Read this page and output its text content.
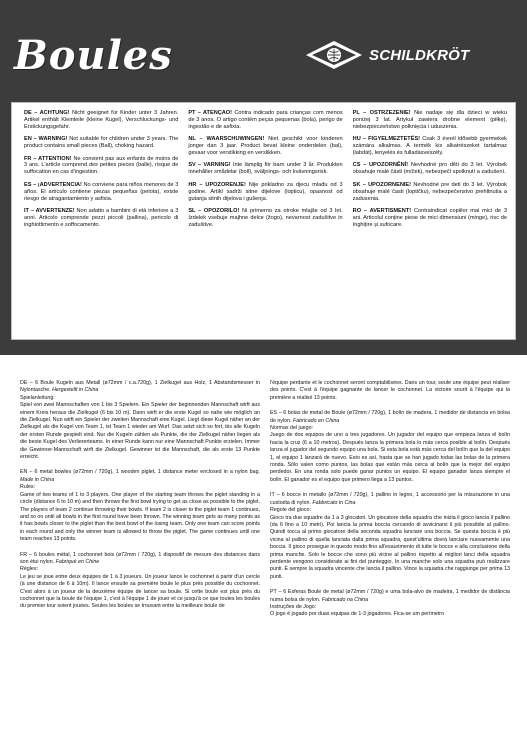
Boules	SCHILDKRÖT

DE – ACHTUNG! Nicht geeignet für Kinder unter 3 Jahren. Artikel enthält Kleinteile (kleine Kugel), Verschluckungs- und Erstickungsgefahr.

EN – WARNING! Not suitable for children under 3 years. The product contains small pieces (Ball), choking hazard.

FR – ATTENTION! Ne convient pas aux enfants de moins de 3 ans. L'article comprend des petites pieces (balle), risque de suffocation en cas d'ingestion.

ES – ¡ADVERTENCIA! No conviene para niños menores de 3 años. El artículo contiene piezas pequeñas (pelota), existe riesgo de atragantamiento y asfixia.

IT – AVVERTENZE! Non adatto a bambini di età inferiore a 3 anni. Articolo comprende pezzi piccoli (pallina), pericolo di inghiottimento e soffocamento.

PT – ATENÇÃO! Contra indicado para crianças com menos de 3 anos. O artigo contém peças pequenas (bola), perigo de ingestão e de asfixia.

NL – WAARSCHUWINGEN! Niet geschikt voor kinderen jonger dan 3 jaar. Product bevat kleine onderdelen (bal), gevaar voor verstikking en verslikken.

SV – VARNING! Inte lämplig för barn under 3 år. Produkten innehåller smådelar (boll), sväljnings- och kvävningsrisk.

HR – UPOZORENJE! Nije prikladno za djecu mlađu od 3 godine. Artikl sadrži sitne dijelove (lopticu), opasnost od gutanja sitnih dijelova i gušenja.

SL – OPOZORILO! Ni primerno za otroke mlajše od 3 let. Izdelek vsebuje majhne delce (žogo), nevarnost zadušitve in zadušitve.

PL – OSTRZEŻENIE! Nie nadaje się dla dzieci w wieku poniżej 3 lat. Artykuł zawiera drobne element (piłkę), niebezpieczeństwo połknięcia i uduszenia.

HU – FIGYELMEZTETÉS! Csak 3 évnél idősebb gyermekek számára alkalmas. A termék kis alkatrészeket tartalmaz (labdát), lenyelés és fulladásveszély.

CS – UPOZORNĚNÍ! Nevhodné pro děti do 3 let. Výrobek obsahuje malé části (míček), nebezpečí spolknutí a zadušení.

SK – UPOZORNENIE! Nevhodné pre deti do 3 let. Výrobok obsahuje malé časti (loptičku), nebezpečenstvo prehltnutia a zadusenia.

RO – AVERTISMENT! Contraindicat copiilor mai mici de 3 ani. Articolul conține piese de mici dimensiuni (minge), risc de înghițire și sufocare.

DE – 6 Boule Kugeln aus Metall (ø72mm / c.a.720g), 1 Zielkugel aus Holz, 1 Abstandsmesser in Nylontasche. Hergestellt in China
Spielanleitung:
Spiel von zwei Mannschaften von 1 bis 3 Spielern. Ein Spieler der beginnenden Mannschaft wirft aus einem Kreis heraus die Zielkugel (6 bis 10 m). Dann wirft er die erste Kugel so nahe wie möglich an die Zielkugel. Nun wirft ein Spieler der zweiten Mannschaft eine Kugel. Liegt diese Kugel näher an der Zielkugel als die Kugel von Team 1, ist Team 1 wieder am Wurf. Das setzt sich so fort, bis alle Kugeln der ersten Runde gespielt sind. Nur die Kugeln zählen als Punkte, die der Zielkugel näher liegen als die beste Kugel des Verliererteams. In einer Runde kann nur eine Mannschaft Punkte erzielen. Immer die Gewinner-Mannschaft wirft die Zielkugel. Gewinner ist die Mannschaft, die als erste 13 Punkte erreicht.
EN – 6 metal bowles (ø72mm / 720g), 1 wooden piglet, 1 distance meter enclosed in a nylon bag. Made in China
Rules:
Game of two teams of 1 to 3 players. One player of the starting team throws the piglet standing in a circle (distance 6 to 10 m) and then throws the first bowl trying to get as close as possible to the piglet. The players of team 2 continue throwing their bowls. If team 2 is closer to the piglet team 1 continues, and so on until all bowls in the first round have been thrown. The winning team gets as many points as it has bowls closer to the piglet than the best bowl of the losing team. Only one team can score points in each round and only the winner team is allowed to throw the piglet. The game continues until one team reaches 13 points.
FR – 6 boules métal, 1 cochonnet bois (ø72mm / 720g), 1 dispositif de mesure des distances dans son étui nylon. Fabriqué en Chine
Règles:
Le jeu se joue entre deux équipes de 1 à 3 joueurs. Un joueur lance le cochonnet à partir d'un cercle (à une distance de 6 à 10m). Il lance ensuite sa première boule le plus près possible du cochonnet. C'est alors à un joueur de la deuxième équipe de lancer sa boule. Si cette boule est plus près du cochonnet que la boule de l'équipe 1, c'est à l'équipe 1 de jouer et ce jusqu'à ce que toutes les boules du premier tour soient jouées. Seules les boules se trouvant entre la meilleure boule de
l'équipe perdante et le cochonnet seront comptabilisées. Dans un tour, seule une équipe peut réaliser des points. C'est à l'équipe gagnante de lancer le cochonnet. La victoire sourit à l'équipe qui la première a réalisé 13 points.
ES – 6 bolas de metal de Boule (ø72mm / 720g), 1 bolín de madera, 1 medidor de distancia en bolsa de nylon. Fabricado en China
Normas del juego:
Juego de dos equipos de uno a tres jugadores. Un jugador del equipo que empieza lanza el bolín hacia la cruz (6 a 10 metros). Después lanza la primera bola lo más cerca posible al bolín. Después lanza el jugador del segundo equipo una bola. Si esta bola está más cerca del bolín que la del equipo 1, el equipo 1 lanzará de nuevo. Esto es así, hasta que se han jugado todas las bolas de la primera ronda. Sólo valen como puntos, las bolas que están más cerca al bolín que la mejor del equipo perdedor. En una ronda solo puede ganar puntos un equipo. El equipo ganador lanza siempre el bolín. El ganador es el equipo que primero llega a 13 puntos.
IT – 6 bocce in metallo (ø72mm / 720g), 1 pallino in legno, 1 accessorio per la misurazione in una custodia di nylon. Fabbricato in Cina
Regole del gioco:
Gioco tra due squadre da 1 a 3 giocatori. Un giocatore della squadra che inizia il gioco lancia il pallino (da 6 fino a 10 metri). Poi lancia la prima boccia cercando di avvicinarsi il più possibile al pallino. Quindi tocca al primo giocatore della seconda squadra lanciare una boccia. Se questa boccia è più vicina al pallino di quella lanciata dalla prima squadra, quest'ultima dovrà lanciare nuovamente una boccia. Il gioco prosegue in questo modo fino all'esaurimento di tutte le bocce e alla conclusione della prima manche. Solo le bocce che sono più vicine al pallino rispetto al migliori lanci della squadra perdente vengono considerate ai fini del punteggio. In una manche solo una squadra può realizzare punti. È sempre la squadra vincente che lancia il pallino. Vince la squadra che raggiunge per prima 13 punti.
PT – 6 Esferas Boule de metal (ø72mm / 720g) e uma bola-alvo de madeira, 1 medidor de distância numa bolsa de nylon. Fabricado na China
Instruções de Jogo:
O jogo é jogado por duas equipas de 1-3 jogadores. Fica-se um perímetro
